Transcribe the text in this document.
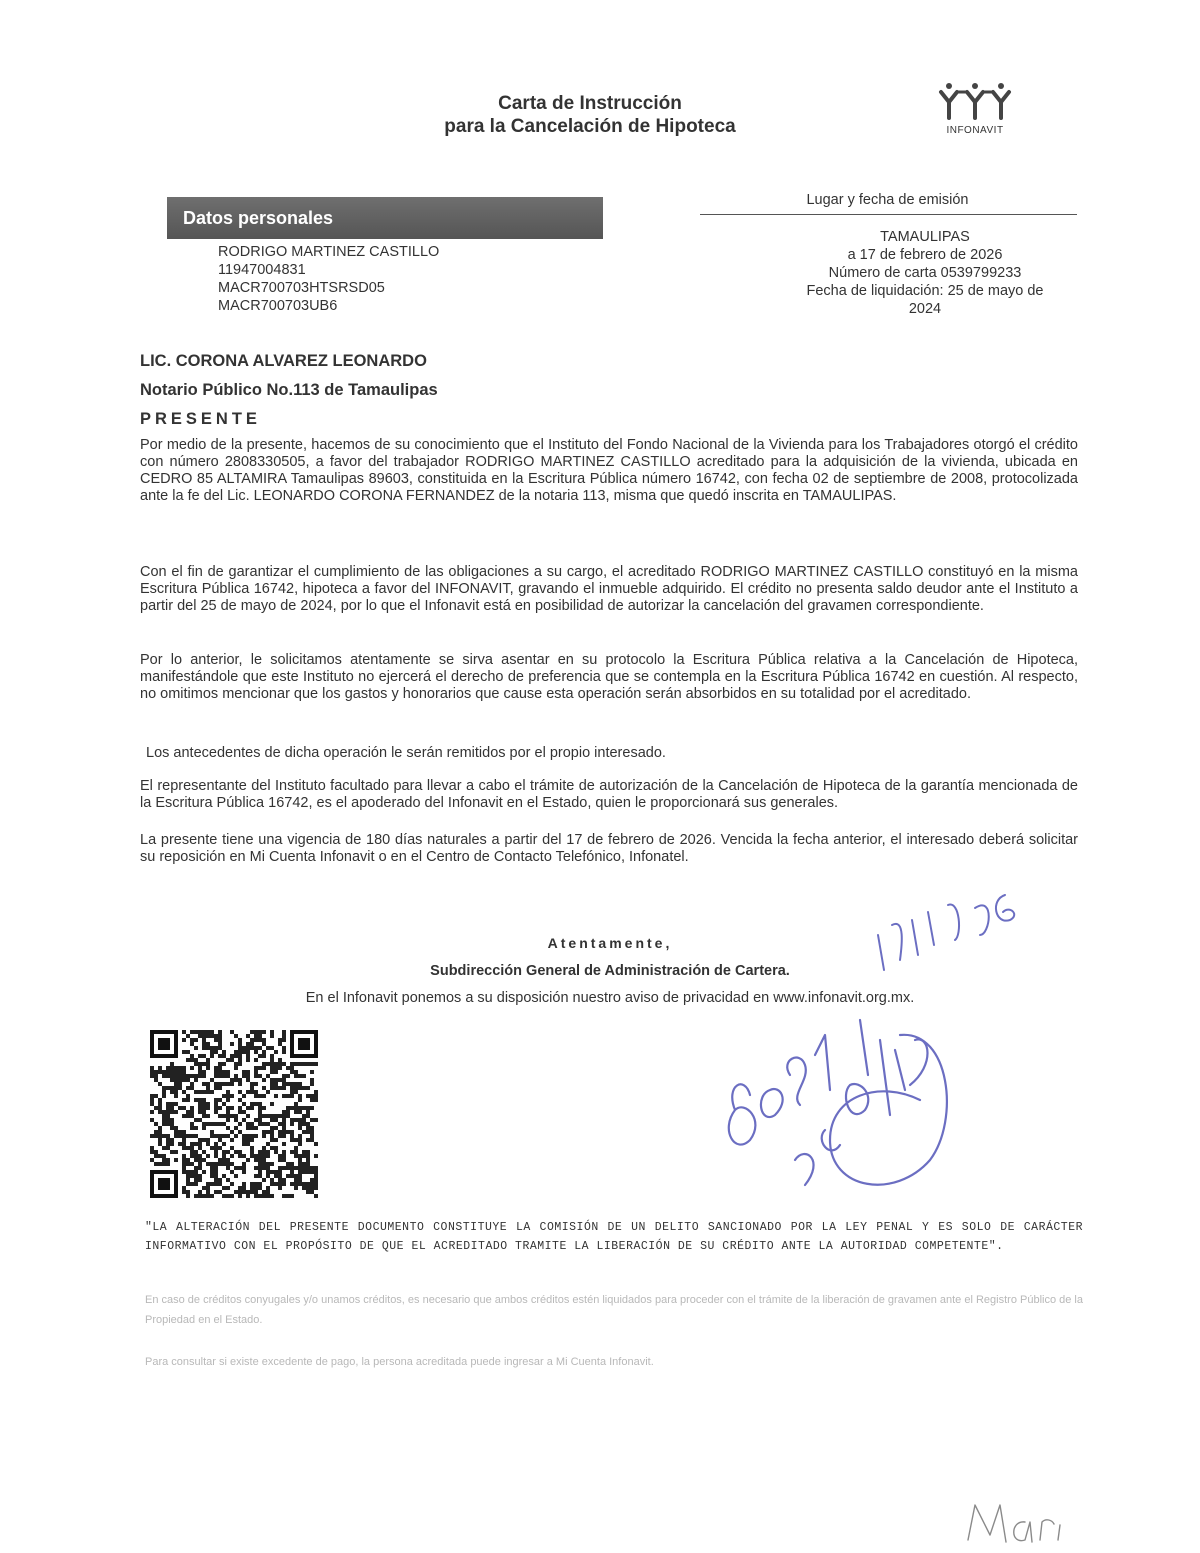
Carta de Instrucción
para la Cancelación de Hipoteca	INFONAVIT
Datos personales
RODRIGO MARTINEZ CASTILLO
11947004831
MACR700703HTSRSD05
MACR700703UB6
Lugar y fecha de emisión
TAMAULIPAS
a 17 de febrero de 2026
Número de carta 0539799233
Fecha de liquidación: 25 de mayo de
2024
LIC. CORONA ALVAREZ LEONARDO
Notario Público No.113 de Tamaulipas
PRESENTE
Por medio de la presente, hacemos de su conocimiento que el Instituto del Fondo Nacional de la Vivienda para los Trabajadores otorgó el crédito con número 2808330505, a favor del trabajador RODRIGO MARTINEZ CASTILLO acreditado para la adquisición de la vivienda, ubicada en CEDRO 85 ALTAMIRA Tamaulipas 89603, constituida en la Escritura Pública número 16742, con fecha 02 de septiembre de 2008, protocolizada ante la fe del Lic. LEONARDO CORONA FERNANDEZ de la notaria 113, misma que quedó inscrita en TAMAULIPAS.
Con el fin de garantizar el cumplimiento de las obligaciones a su cargo, el acreditado RODRIGO MARTINEZ CASTILLO constituyó en la misma Escritura Pública 16742, hipoteca a favor del INFONAVIT, gravando el inmueble adquirido. El crédito no presenta saldo deudor ante el Instituto a partir del 25 de mayo de 2024, por lo que el Infonavit está en posibilidad de autorizar la cancelación del gravamen correspondiente.
Por lo anterior, le solicitamos atentamente se sirva asentar en su protocolo la Escritura Pública relativa a la Cancelación de Hipoteca, manifestándole que este Instituto no ejercerá el derecho de preferencia que se contempla en la Escritura Pública 16742 en cuestión. Al respecto, no omitimos mencionar que los gastos y honorarios que cause esta operación serán absorbidos en su totalidad por el acreditado.
Los antecedentes de dicha operación le serán remitidos por el propio interesado.
El representante del Instituto facultado para llevar a cabo el trámite de autorización de la Cancelación de Hipoteca de la garantía mencionada de la Escritura Pública 16742, es el apoderado del Infonavit en el Estado, quien le proporcionará sus generales.
La presente tiene una vigencia de 180 días naturales a partir del 17 de febrero de 2026. Vencida la fecha anterior, el interesado deberá solicitar su reposición en Mi Cuenta Infonavit o en el Centro de Contacto Telefónico, Infonatel.
Atentamente,
Subdirección General de Administración de Cartera.
En el Infonavit ponemos a su disposición nuestro aviso de privacidad en www.infonavit.org.mx.
"LA ALTERACIÓN DEL PRESENTE DOCUMENTO CONSTITUYE LA COMISIÓN DE UN DELITO SANCIONADO POR LA LEY PENAL Y ES SOLO DE CARÁCTER INFORMATIVO CON EL PROPÓSITO DE QUE EL ACREDITADO TRAMITE LA LIBERACIÓN DE SU CRÉDITO ANTE LA AUTORIDAD COMPETENTE".
En caso de créditos conyugales y/o unamos créditos, es necesario que ambos créditos estén liquidados para proceder con el trámite de la liberación de gravamen ante el Registro Público de la Propiedad en el Estado.
Para consultar si existe excedente de pago, la persona acreditada puede ingresar a Mi Cuenta Infonavit.
